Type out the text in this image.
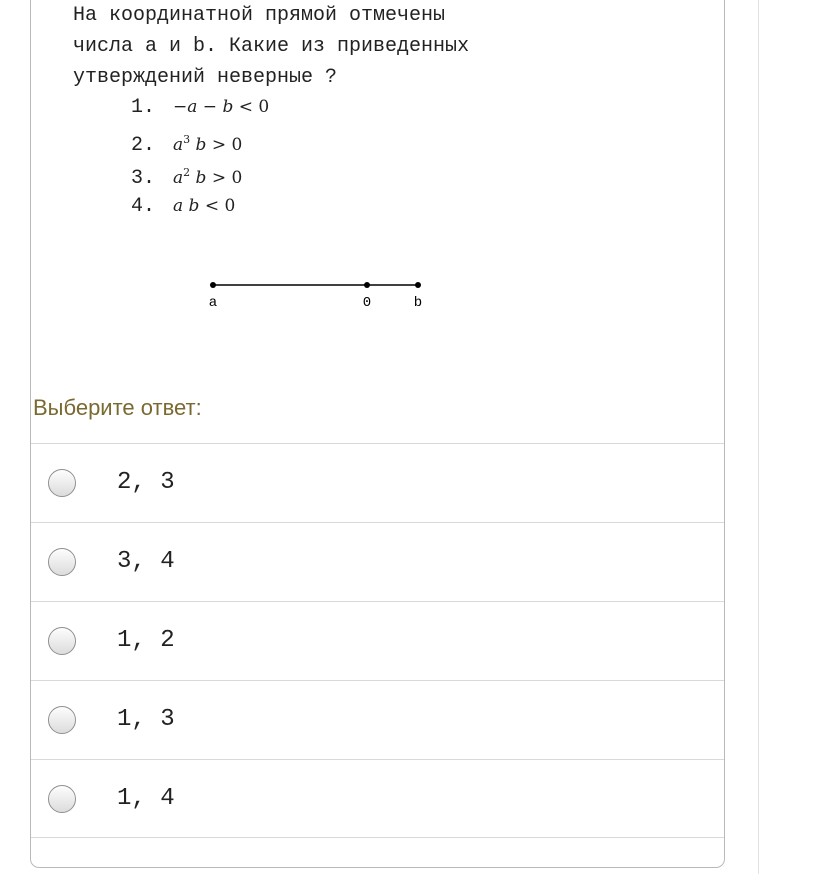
На координатной прямой отмечены
числа a и b. Какие из приведенных
утверждений неверные ?
1. −a − b < 0
2. $a^3$ b > 0
3. $a^2$ b > 0
4. a b < 0
a	0	b
Выберите ответ:
2, 3
3, 4
1, 2
1, 3
1, 4
